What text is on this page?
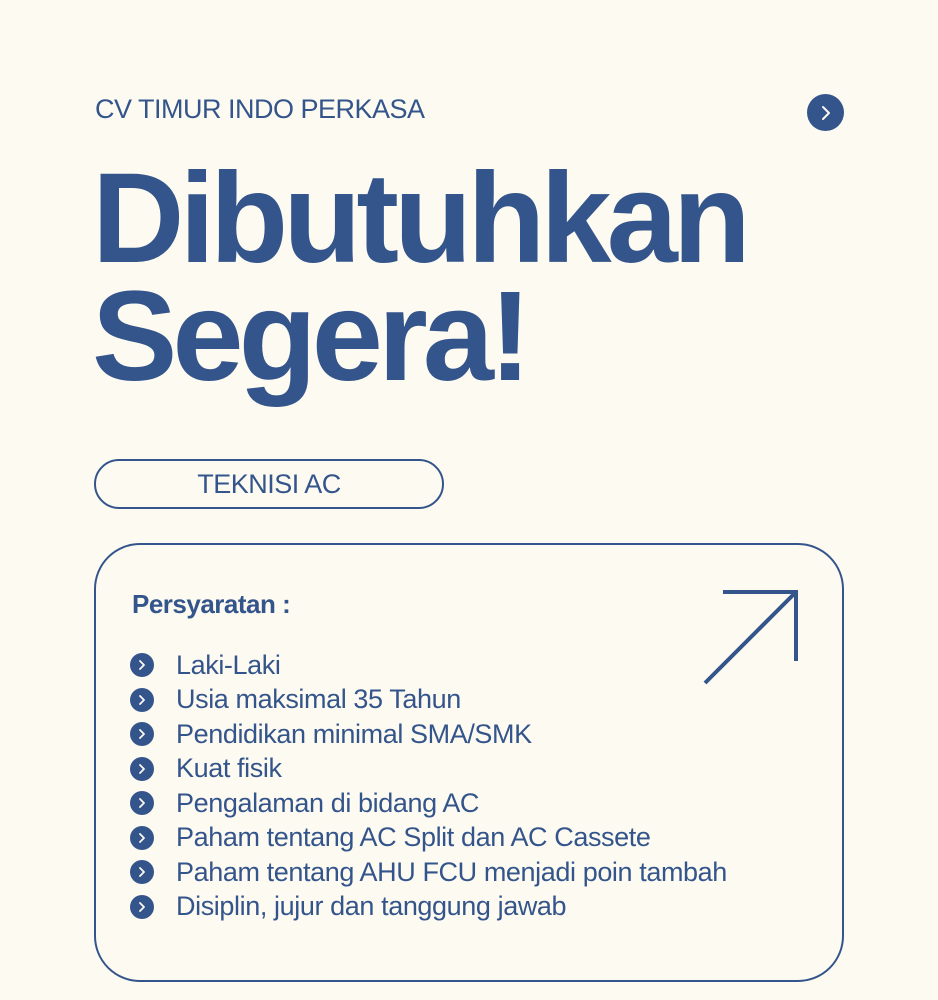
CV TIMUR INDO PERKASA
Dibutuhkan
Segera!
TEKNISI AC
Persyaratan :
Laki-Laki
Usia maksimal 35 Tahun
Pendidikan minimal SMA/SMK
Kuat fisik
Pengalaman di bidang AC
Paham tentang AC Split dan AC Cassete
Paham tentang AHU FCU menjadi poin tambah
Disiplin, jujur dan tanggung jawab
